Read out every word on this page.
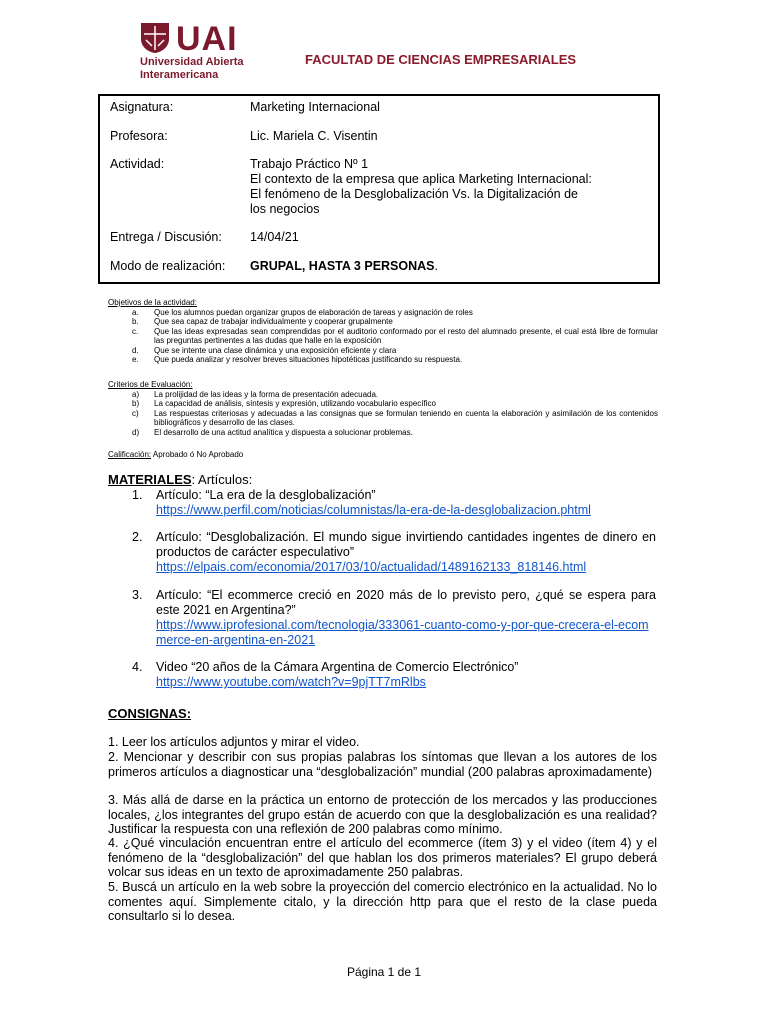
UAI
Universidad Abierta
Interamericana
FACULTAD DE CIENCIAS EMPRESARIALES
Asignatura:	Marketing Internacional
Profesora:	Lic. Mariela C. Visentin
Actividad:	Trabajo Práctico Nº 1
El contexto de la empresa que aplica Marketing Internacional:
El fenómeno de la Desglobalización Vs. la Digitalización de
los negocios
Entrega / Discusión:	14/04/21
Modo de realización:	GRUPAL, HASTA 3 PERSONAS.
Objetivos de la actividad:
a. Que los alumnos puedan organizar grupos de elaboración de tareas y asignación de roles
b. Que sea capaz de trabajar individualmente y cooperar grupalmente
c. Que las ideas expresadas sean comprendidas por el auditorio conformado por el resto del alumnado presente, el cual está libre de formular las preguntas pertinentes a las dudas que halle en la exposición
d. Que se intente una clase dinámica y una exposición eficiente y clara
e. Que pueda analizar y resolver breves situaciones hipotéticas justificando su respuesta.
Criterios de Evaluación:
a) La prolijidad de las ideas y la forma de presentación adecuada.
b) La capacidad de análisis, síntesis y expresión, utilizando vocabulario específico
c) Las respuestas criteriosas y adecuadas a las consignas que se formulan teniendo en cuenta la elaboración y asimilación de los contenidos bibliográficos y desarrollo de las clases.
d) El desarrollo de una actitud analítica y dispuesta a solucionar problemas.
Calificación: Aprobado ó No Aprobado
MATERIALES: Artículos:
1. Artículo: “La era de la desglobalización”
https://www.perfil.com/noticias/columnistas/la-era-de-la-desglobalizacion.phtml
2. Artículo: “Desglobalización. El mundo sigue invirtiendo cantidades ingentes de dinero en productos de carácter especulativo”
https://elpais.com/economia/2017/03/10/actualidad/1489162133_818146.html
3. Artículo: “El ecommerce creció en 2020 más de lo previsto pero, ¿qué se espera para este 2021 en Argentina?”
https://www.iprofesional.com/tecnologia/333061-cuanto-como-y-por-que-crecera-el-ecommerce-en-argentina-en-2021
4. Video “20 años de la Cámara Argentina de Comercio Electrónico”
https://www.youtube.com/watch?v=9pjTT7mRlbs
CONSIGNAS:
1. Leer los artículos adjuntos y mirar el video.
2. Mencionar y describir con sus propias palabras los síntomas que llevan a los autores de los primeros artículos a diagnosticar una “desglobalización” mundial (200 palabras aproximadamente)
3. Más allá de darse en la práctica un entorno de protección de los mercados y las producciones locales, ¿los integrantes del grupo están de acuerdo con que la desglobalización es una realidad? Justificar la respuesta con una reflexión de 200 palabras como mínimo.
4. ¿Qué vinculación encuentran entre el artículo del ecommerce (ítem 3) y el video (ítem 4) y el fenómeno de la “desglobalización” del que hablan los dos primeros materiales? El grupo deberá volcar sus ideas en un texto de aproximadamente 250 palabras.
5. Buscá un artículo en la web sobre la proyección del comercio electrónico en la actualidad. No lo comentes aquí. Simplemente citalo, y la dirección http para que el resto de la clase pueda consultarlo si lo desea.
Página 1 de 1
